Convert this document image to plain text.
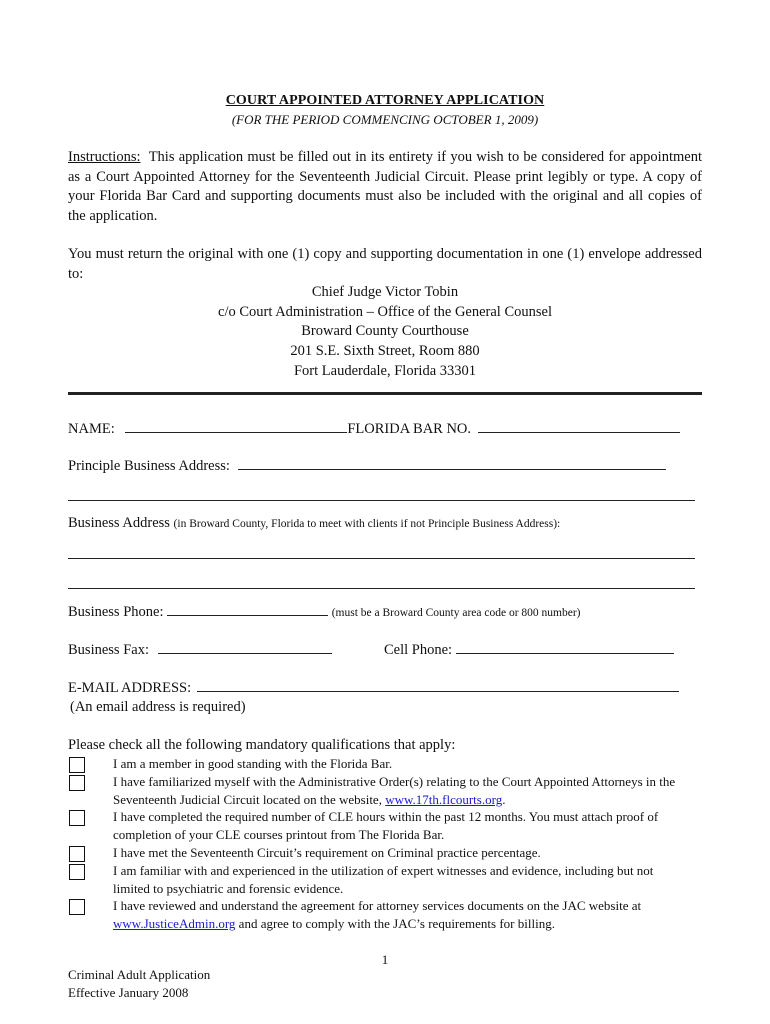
COURT APPOINTED ATTORNEY APPLICATION
(FOR THE PERIOD COMMENCING OCTOBER 1, 2009)
Instructions: This application must be filled out in its entirety if you wish to be considered for appointment as a Court Appointed Attorney for the Seventeenth Judicial Circuit. Please print legibly or type. A copy of your Florida Bar Card and supporting documents must also be included with the original and all copies of the application.
You must return the original with one (1) copy and supporting documentation in one (1) envelope addressed to:
Chief Judge Victor Tobin
c/o Court Administration – Office of the General Counsel
Broward County Courthouse
201 S.E. Sixth Street, Room 880
Fort Lauderdale, Florida 33301
NAME:	FLORIDA BAR NO.
Principle Business Address:
Business Address (in Broward County, Florida to meet with clients if not Principle Business Address):
Business Phone:	(must be a Broward County area code or 800 number)
Business Fax:	Cell Phone:
E-MAIL ADDRESS:
(An email address is required)
Please check all the following mandatory qualifications that apply:
I am a member in good standing with the Florida Bar.
I have familiarized myself with the Administrative Order(s) relating to the Court Appointed Attorneys in the Seventeenth Judicial Circuit located on the website, www.17th.flcourts.org.
I have completed the required number of CLE hours within the past 12 months. You must attach proof of completion of your CLE courses printout from The Florida Bar.
I have met the Seventeenth Circuit’s requirement on Criminal practice percentage.
I am familiar with and experienced in the utilization of expert witnesses and evidence, including but not limited to psychiatric and forensic evidence.
I have reviewed and understand the agreement for attorney services documents on the JAC website at www.JusticeAdmin.org and agree to comply with the JAC’s requirements for billing.
1
Criminal Adult Application
Effective January 2008
